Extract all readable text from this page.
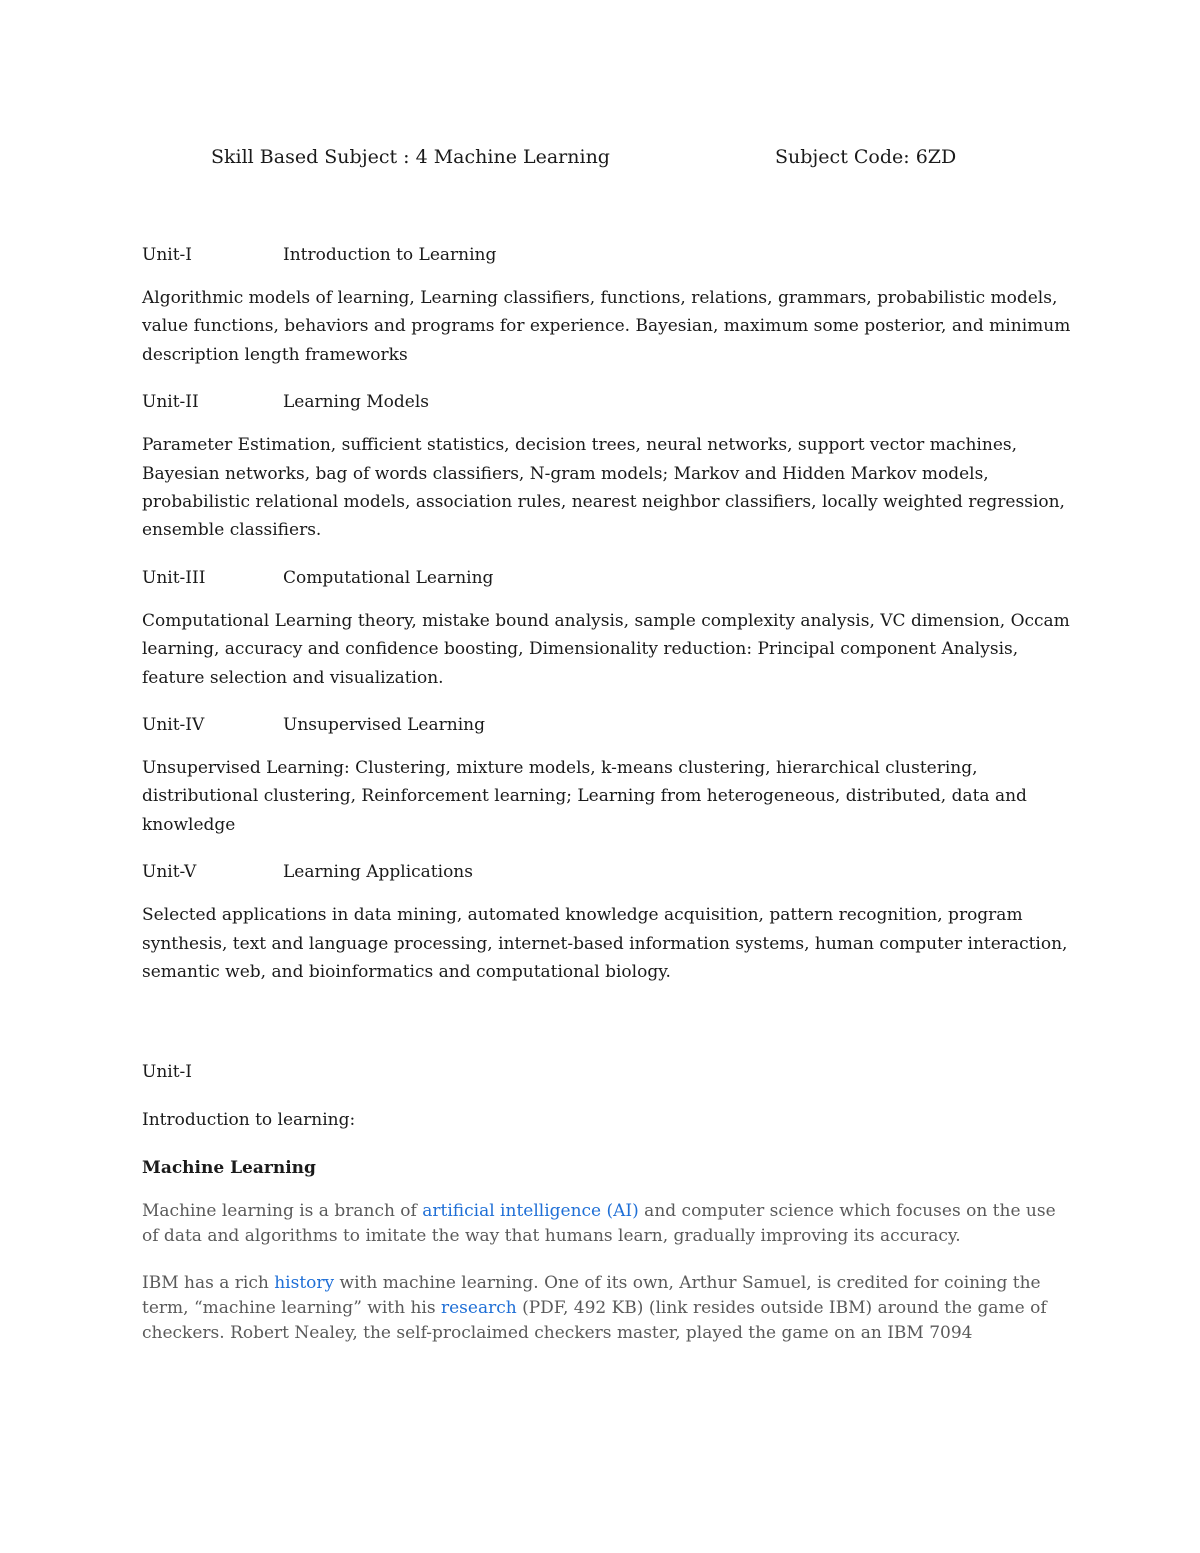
Skill Based Subject : 4 Machine Learning	Subject Code: 6ZD
Unit-I	Introduction to Learning

Algorithmic models of learning, Learning classifiers, functions, relations, grammars, probabilistic models, value functions, behaviors and programs for experience. Bayesian, maximum some posterior, and minimum description length frameworks

Unit-II	Learning Models

Parameter Estimation, sufficient statistics, decision trees, neural networks, support vector machines, Bayesian networks, bag of words classifiers, N-gram models; Markov and Hidden Markov models, probabilistic relational models, association rules, nearest neighbor classifiers, locally weighted regression, ensemble classifiers.

Unit-III	Computational Learning

Computational Learning theory, mistake bound analysis, sample complexity analysis, VC dimension, Occam learning, accuracy and confidence boosting, Dimensionality reduction: Principal component Analysis, feature selection and visualization.

Unit-IV	Unsupervised Learning

Unsupervised Learning: Clustering, mixture models, k-means clustering, hierarchical clustering, distributional clustering, Reinforcement learning; Learning from heterogeneous, distributed, data and knowledge

Unit-V	Learning Applications

Selected applications in data mining, automated knowledge acquisition, pattern recognition, program synthesis, text and language processing, internet-based information systems, human computer interaction, semantic web, and bioinformatics and computational biology.

Unit-I

Introduction to learning:

Machine Learning

Machine learning is a branch of artificial intelligence (AI) and computer science which focuses on the use of data and algorithms to imitate the way that humans learn, gradually improving its accuracy.

IBM has a rich history with machine learning. One of its own, Arthur Samuel, is credited for coining the term, “machine learning” with his research (PDF, 492 KB) (link resides outside IBM) around the game of checkers. Robert Nealey, the self-proclaimed checkers master, played the game on an IBM 7094
